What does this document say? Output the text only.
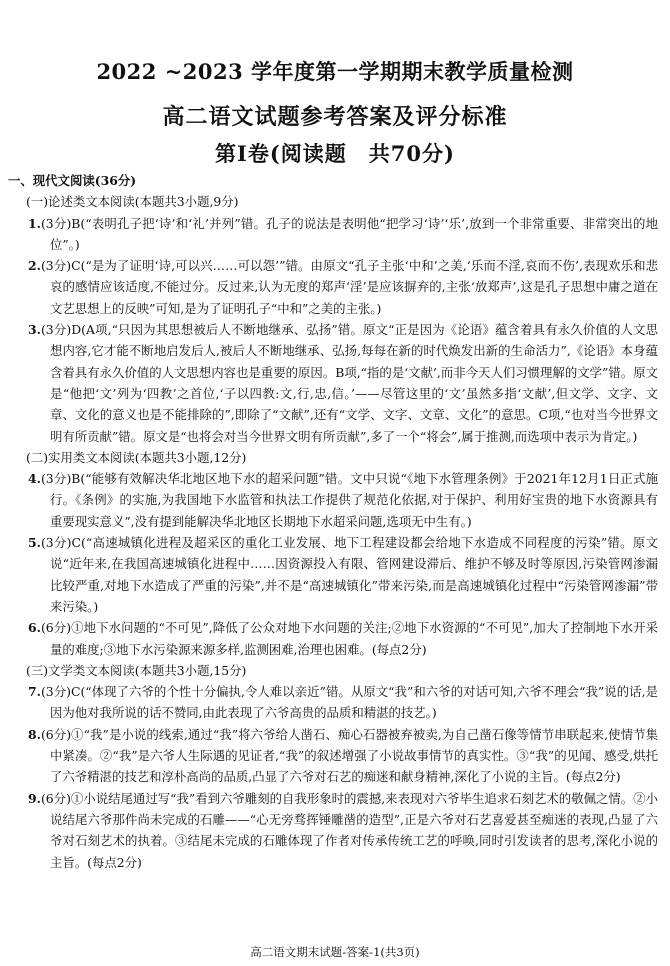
2022 ~2023 学年度第一学期期末教学质量检测
高二语文试题参考答案及评分标准
第Ⅰ卷(阅读题　共70分)

一、现代文阅读(36分)

(一)论述类文本阅读(本题共3小题,9分)

1.(3分)B(“表明孔子把‘诗’和‘礼’并列”错。孔子的说法是表明他“把学习‘诗’‘乐’,放到一个非常重要、非常突出的地位”。)

2.(3分)C(“是为了证明‘诗,可以兴……可以怨’”错。由原文“孔子主张‘中和’之美,‘乐而不淫,哀而不伤’,表现欢乐和悲哀的感情应该适度,不能过分。反过来,认为无度的郑声‘淫’是应该摒弃的,主张‘放郑声’,这是孔子思想中庸之道在文艺思想上的反映”可知,是为了证明孔子“中和”之美的主张。)

3.(3分)D(A项,“只因为其思想被后人不断地继承、弘扬”错。原文“正是因为《论语》蕴含着具有永久价值的人文思想内容,它才能不断地启发后人,被后人不断地继承、弘扬,每每在新的时代焕发出新的生命活力”,《论语》本身蕴含着具有永久价值的人文思想内容也是重要的原因。B项,“指的是‘文献’,而非今天人们习惯理解的文学”错。原文是“他把‘文’列为‘四教’之首位,‘子以四教:文,行,忠,信。’——尽管这里的‘文’虽然多指‘文献’,但文学、文字、文章、文化的意义也是不能排除的”,即除了“文献”,还有“文学、文字、文章、文化”的意思。C项,“也对当今世界文明有所贡献”错。原文是“也将会对当今世界文明有所贡献”,多了一个“将会”,属于推测,而选项中表示为肯定。)

(二)实用类文本阅读(本题共3小题,12分)

4.(3分)B(“能够有效解决华北地区地下水的超采问题”错。文中只说“《地下水管理条例》于2021年12月1日正式施行。《条例》的实施,为我国地下水监管和执法工作提供了规范化依据,对于保护、利用好宝贵的地下水资源具有重要现实意义”,没有提到能解决华北地区长期地下水超采问题,选项无中生有。)

5.(3分)C(“高速城镇化进程及超采区的重化工业发展、地下工程建设都会给地下水造成不同程度的污染”错。原文说“近年来,在我国高速城镇化进程中……因资源投入有限、管网建设滞后、维护不够及时等原因,污染管网渗漏比较严重,对地下水造成了严重的污染”,并不是“高速城镇化”带来污染,而是高速城镇化过程中“污染管网渗漏”带来污染。)

6.(6分)①地下水问题的“不可见”,降低了公众对地下水问题的关注;②地下水资源的“不可见”,加大了控制地下水开采量的难度;③地下水污染源来源多样,监测困难,治理也困难。(每点2分)

(三)文学类文本阅读(本题共3小题,15分)

7.(3分)C(“体现了六爷的个性十分偏执,令人难以亲近”错。从原文“我”和六爷的对话可知,六爷不理会“我”说的话,是因为他对我所说的话不赞同,由此表现了六爷高贵的品质和精湛的技艺。)

8.(6分)①“我”是小说的线索,通过“我”将六爷给人凿石、痴心石器被弃被卖,为自己凿石像等情节串联起来,使情节集中紧凑。②“我”是六爷人生际遇的见证者,“我”的叙述增强了小说故事情节的真实性。③“我”的见闻、感受,烘托了六爷精湛的技艺和淳朴高尚的品质,凸显了六爷对石艺的痴迷和献身精神,深化了小说的主旨。(每点2分)

9.(6分)①小说结尾通过写“我”看到六爷雕刻的自我形象时的震撼,来表现对六爷毕生追求石刻艺术的敬佩之情。②小说结尾六爷那件尚未完成的石雕——“心无旁骛挥锤雕凿的造型”,正是六爷对石艺喜爱甚至痴迷的表现,凸显了六爷对石刻艺术的执着。③结尾未完成的石雕体现了作者对传承传统工艺的呼唤,同时引发读者的思考,深化小说的主旨。(每点2分)

高二语文期末试题-答案-1(共3页)
